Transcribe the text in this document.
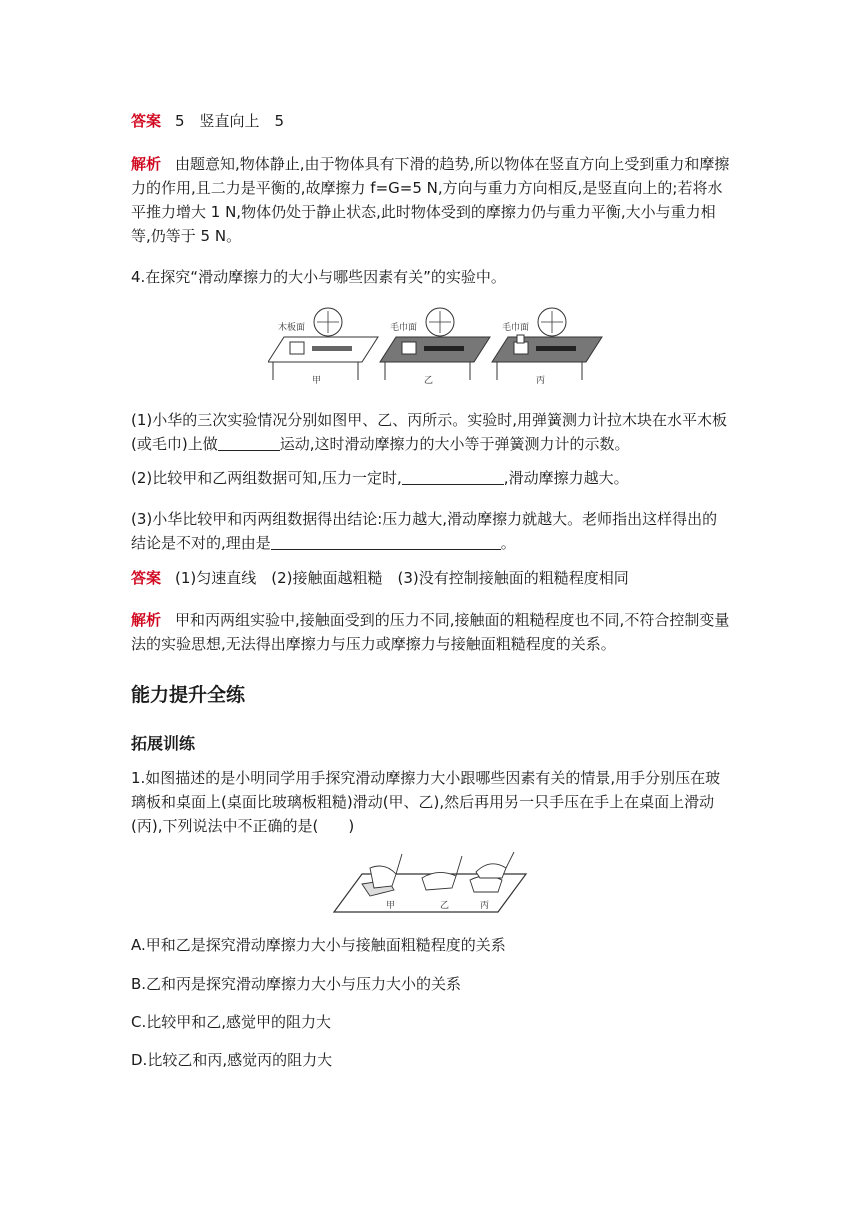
答案 5　竖直向上　5

解析 由题意知,物体静止,由于物体具有下滑的趋势,所以物体在竖直方向上受到重力和摩擦力的作用,且二力是平衡的,故摩擦力 f=G=5 N,方向与重力方向相反,是竖直向上的;若将水平推力增大 1 N,物体仍处于静止状态,此时物体受到的摩擦力仍与重力平衡,大小与重力相等,仍等于 5 N。

4.在探究“滑动摩擦力的大小与哪些因素有关”的实验中。

木板面
甲
毛巾面
乙
毛巾面
丙

(1)小华的三次实验情况分别如图甲、乙、丙所示。实验时,用弹簧测力计拉木块在水平木板(或毛巾)上做	运动,这时滑动摩擦力的大小等于弹簧测力计的示数。

(2)比较甲和乙两组数据可知,压力一定时,	,滑动摩擦力越大。

(3)小华比较甲和丙两组数据得出结论:压力越大,滑动摩擦力就越大。老师指出这样得出的结论是不对的,理由是	。

答案 (1)匀速直线　(2)接触面越粗糙　(3)没有控制接触面的粗糙程度相同

解析 甲和丙两组实验中,接触面受到的压力不同,接触面的粗糙程度也不同,不符合控制变量法的实验思想,无法得出摩擦力与压力或摩擦力与接触面粗糙程度的关系。

能力提升全练
拓展训练

1.如图描述的是小明同学用手探究滑动摩擦力大小跟哪些因素有关的情景,用手分别压在玻璃板和桌面上(桌面比玻璃板粗糙)滑动(甲、乙),然后再用另一只手压在手上在桌面上滑动(丙),下列说法中不正确的是(　　)

甲	乙	丙

A.甲和乙是探究滑动摩擦力大小与接触面粗糙程度的关系

B.乙和丙是探究滑动摩擦力大小与压力大小的关系

C.比较甲和乙,感觉甲的阻力大

D.比较乙和丙,感觉丙的阻力大
